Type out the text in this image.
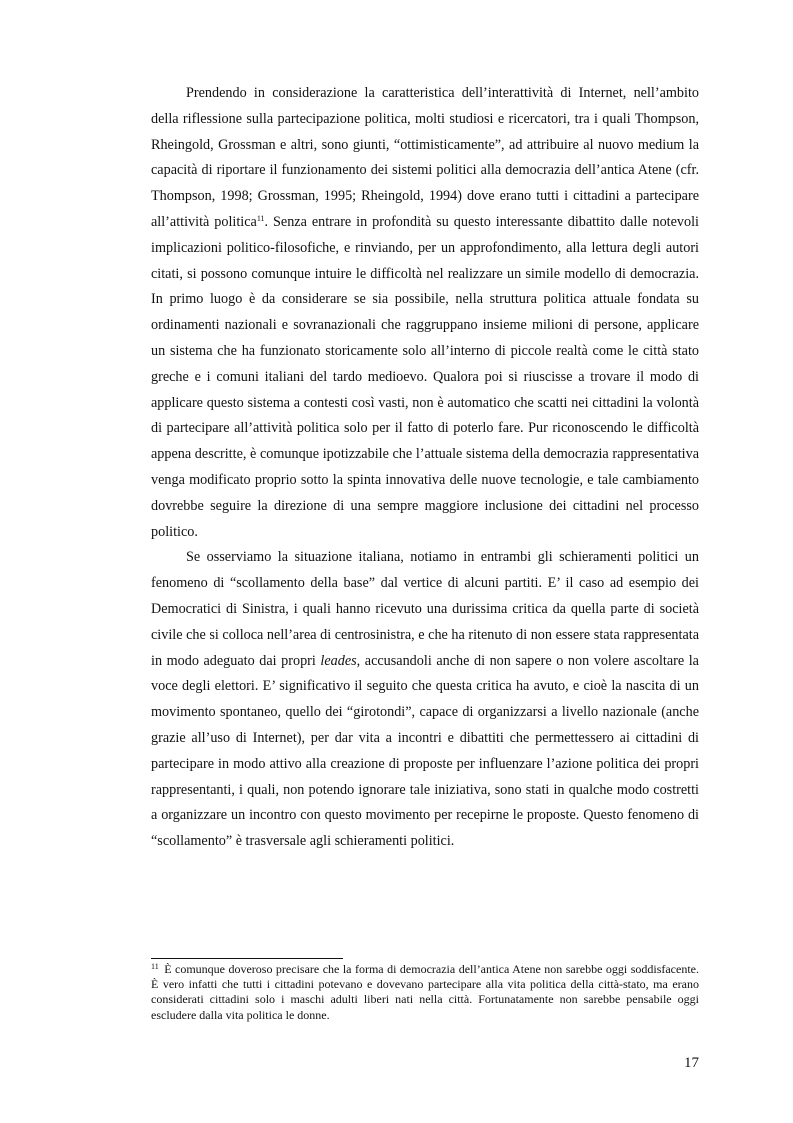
Prendendo in considerazione la caratteristica dell’interattività di Internet, nell’ambito della riflessione sulla partecipazione politica, molti studiosi e ricercatori, tra i quali Thompson, Rheingold, Grossman e altri, sono giunti, “ottimisticamente”, ad attribuire al nuovo medium la capacità di riportare il funzionamento dei sistemi politici alla democrazia dell’antica Atene (cfr. Thompson, 1998; Grossman, 1995; Rheingold, 1994) dove erano tutti i cittadini a partecipare all’attività politica$^{11}$. Senza entrare in profondità su questo interessante dibattito dalle notevoli implicazioni politico-filosofiche, e rinviando, per un approfondimento, alla lettura degli autori citati, si possono comunque intuire le difficoltà nel realizzare un simile modello di democrazia. In primo luogo è da considerare se sia possibile, nella struttura politica attuale fondata su ordinamenti nazionali e sovranazionali che raggruppano insieme milioni di persone, applicare un sistema che ha funzionato storicamente solo all’interno di piccole realtà come le città stato greche e i comuni italiani del tardo medioevo. Qualora poi si riuscisse a trovare il modo di applicare questo sistema a contesti così vasti, non è automatico che scatti nei cittadini la volontà di partecipare all’attività politica solo per il fatto di poterlo fare. Pur riconoscendo le difficoltà appena descritte, è comunque ipotizzabile che l’attuale sistema della democrazia rappresentativa venga modificato proprio sotto la spinta innovativa delle nuove tecnologie, e tale cambiamento dovrebbe seguire la direzione di una sempre maggiore inclusione dei cittadini nel processo politico.

Se osserviamo la situazione italiana, notiamo in entrambi gli schieramenti politici un fenomeno di “scollamento della base” dal vertice di alcuni partiti. E’ il caso ad esempio dei Democratici di Sinistra, i quali hanno ricevuto una durissima critica da quella parte di società civile che si colloca nell’area di centrosinistra, e che ha ritenuto di non essere stata rappresentata in modo adeguato dai propri leades, accusandoli anche di non sapere o non volere ascoltare la voce degli elettori. E’ significativo il seguito che questa critica ha avuto, e cioè la nascita di un movimento spontaneo, quello dei “girotondi”, capace di organizzarsi a livello nazionale (anche grazie all’uso di Internet), per dar vita a incontri e dibattiti che permettessero ai cittadini di partecipare in modo attivo alla creazione di proposte per influenzare l’azione politica dei propri rappresentanti, i quali, non potendo ignorare tale iniziativa, sono stati in qualche modo costretti a organizzare un incontro con questo movimento per recepirne le proposte. Questo fenomeno di “scollamento” è trasversale agli schieramenti politici.

$^{11}$ È comunque doveroso precisare che la forma di democrazia dell’antica Atene non sarebbe oggi soddisfacente. È vero infatti che tutti i cittadini potevano e dovevano partecipare alla vita politica della città-stato, ma erano considerati cittadini solo i maschi adulti liberi nati nella città. Fortunatamente non sarebbe pensabile oggi escludere dalla vita politica le donne.
17
